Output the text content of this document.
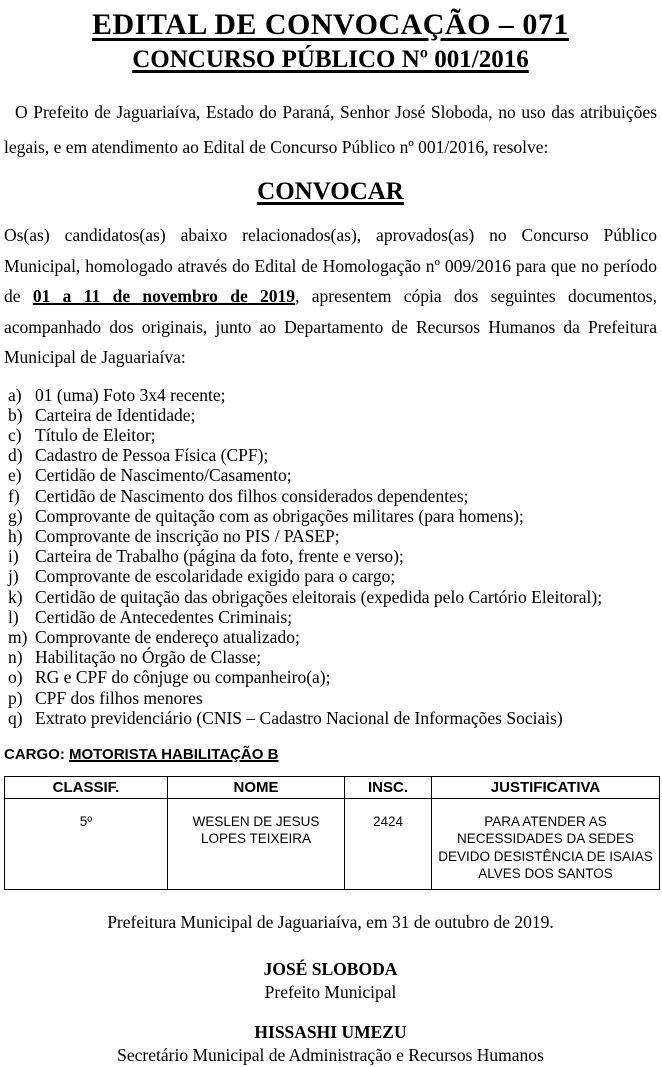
EDITAL DE CONVOCAÇÃO – 071
CONCURSO PÚBLICO Nº 001/2016

O Prefeito de Jaguariaíva, Estado do Paraná, Senhor José Sloboda, no uso das atribuições legais, e em atendimento ao Edital de Concurso Público nº 001/2016, resolve:

CONVOCAR

Os(as) candidatos(as) abaixo relacionados(as), aprovados(as) no Concurso Público Municipal, homologado através do Edital de Homologação nº 009/2016 para que no período de 01 a 11 de novembro de 2019, apresentem cópia dos seguintes documentos, acompanhado dos originais, junto ao Departamento de Recursos Humanos da Prefeitura Municipal de Jaguariaíva:

a) 01 (uma) Foto 3x4 recente;
b) Carteira de Identidade;
c) Título de Eleitor;
d) Cadastro de Pessoa Física (CPF);
e) Certidão de Nascimento/Casamento;
f) Certidão de Nascimento dos filhos considerados dependentes;
g) Comprovante de quitação com as obrigações militares (para homens);
h) Comprovante de inscrição no PIS / PASEP;
i) Carteira de Trabalho (página da foto, frente e verso);
j) Comprovante de escolaridade exigido para o cargo;
k) Certidão de quitação das obrigações eleitorais (expedida pelo Cartório Eleitoral);
l) Certidão de Antecedentes Criminais;
m) Comprovante de endereço atualizado;
n) Habilitação no Órgão de Classe;
o) RG e CPF do cônjuge ou companheiro(a);
p) CPF dos filhos menores
q) Extrato previdenciário (CNIS – Cadastro Nacional de Informações Sociais)
CARGO: MOTORISTA HABILITAÇÃO B
CLASSIF.	NOME	INSC.	JUSTIFICATIVA
5º	WESLEN DE JESUS LOPES TEIXEIRA	2424	PARA ATENDER AS NECESSIDADES DA SEDES DEVIDO DESISTÊNCIA DE ISAIAS ALVES DOS SANTOS

Prefeitura Municipal de Jaguariaíva, em 31 de outubro de 2019.

JOSÉ SLOBODA
Prefeito Municipal
HISSASHI UMEZU
Secretário Municipal de Administração e Recursos Humanos
